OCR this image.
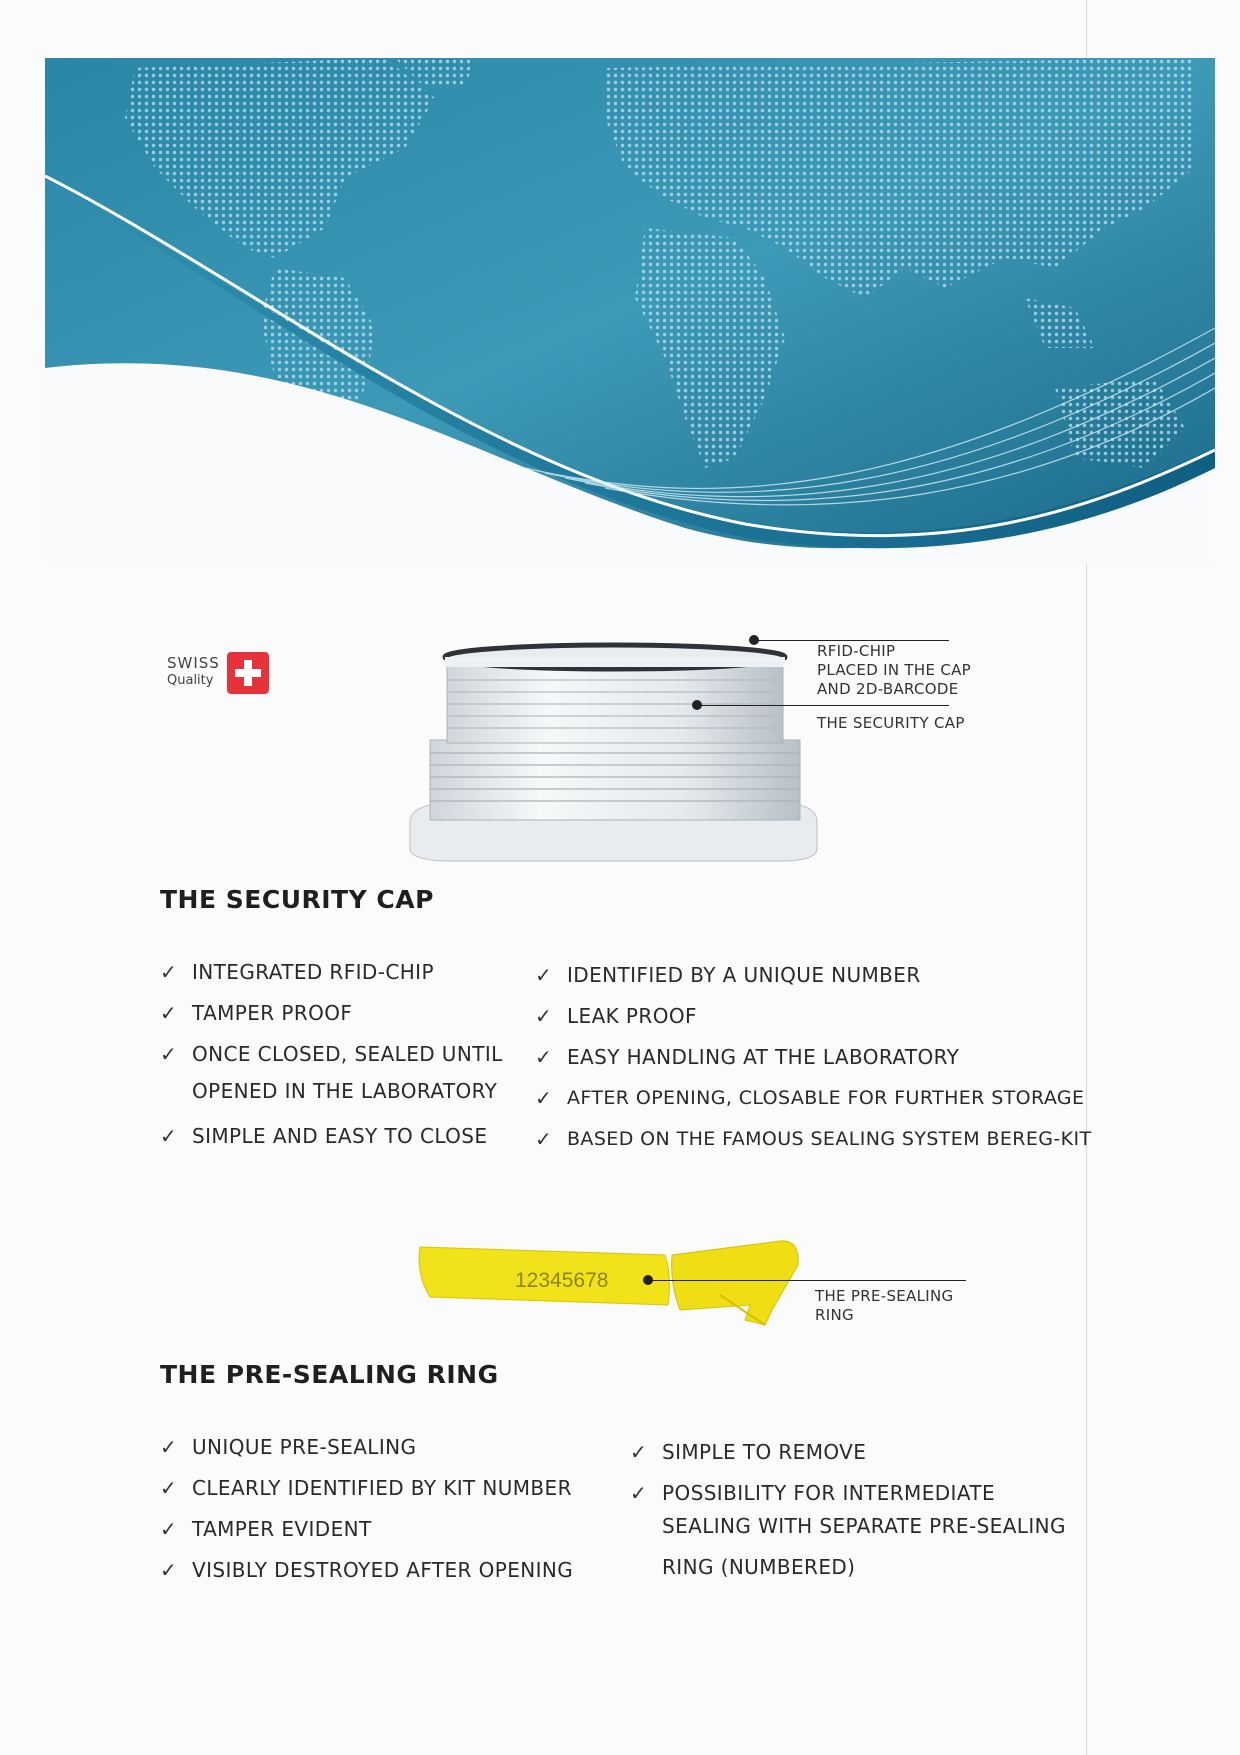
SWISS
Quality
RFID-CHIP
PLACED IN THE CAP
AND 2D-BARCODE
THE SECURITY CAP
THE SECURITY CAP
✓ INTEGRATED RFID-CHIP
✓ TAMPER PROOF
✓ ONCE CLOSED, SEALED UNTIL
✓ SIMPLE AND EASY TO CLOSE
OPENED IN THE LABORATORY
✓ IDENTIFIED BY A UNIQUE NUMBER
✓ LEAK PROOF
✓ EASY HANDLING AT THE LABORATORY
✓ AFTER OPENING, CLOSABLE FOR FURTHER STORAGE
✓ BASED ON THE FAMOUS SEALING SYSTEM BEREG-KIT
12345678
THE PRE-SEALING
RING
THE PRE-SEALING RING
✓ UNIQUE PRE-SEALING
✓ CLEARLY IDENTIFIED BY KIT NUMBER
✓ TAMPER EVIDENT
✓ VISIBLY DESTROYED AFTER OPENING
✓ SIMPLE TO REMOVE
✓ POSSIBILITY FOR INTERMEDIATE
SEALING WITH SEPARATE PRE-SEALING
RING (NUMBERED)
